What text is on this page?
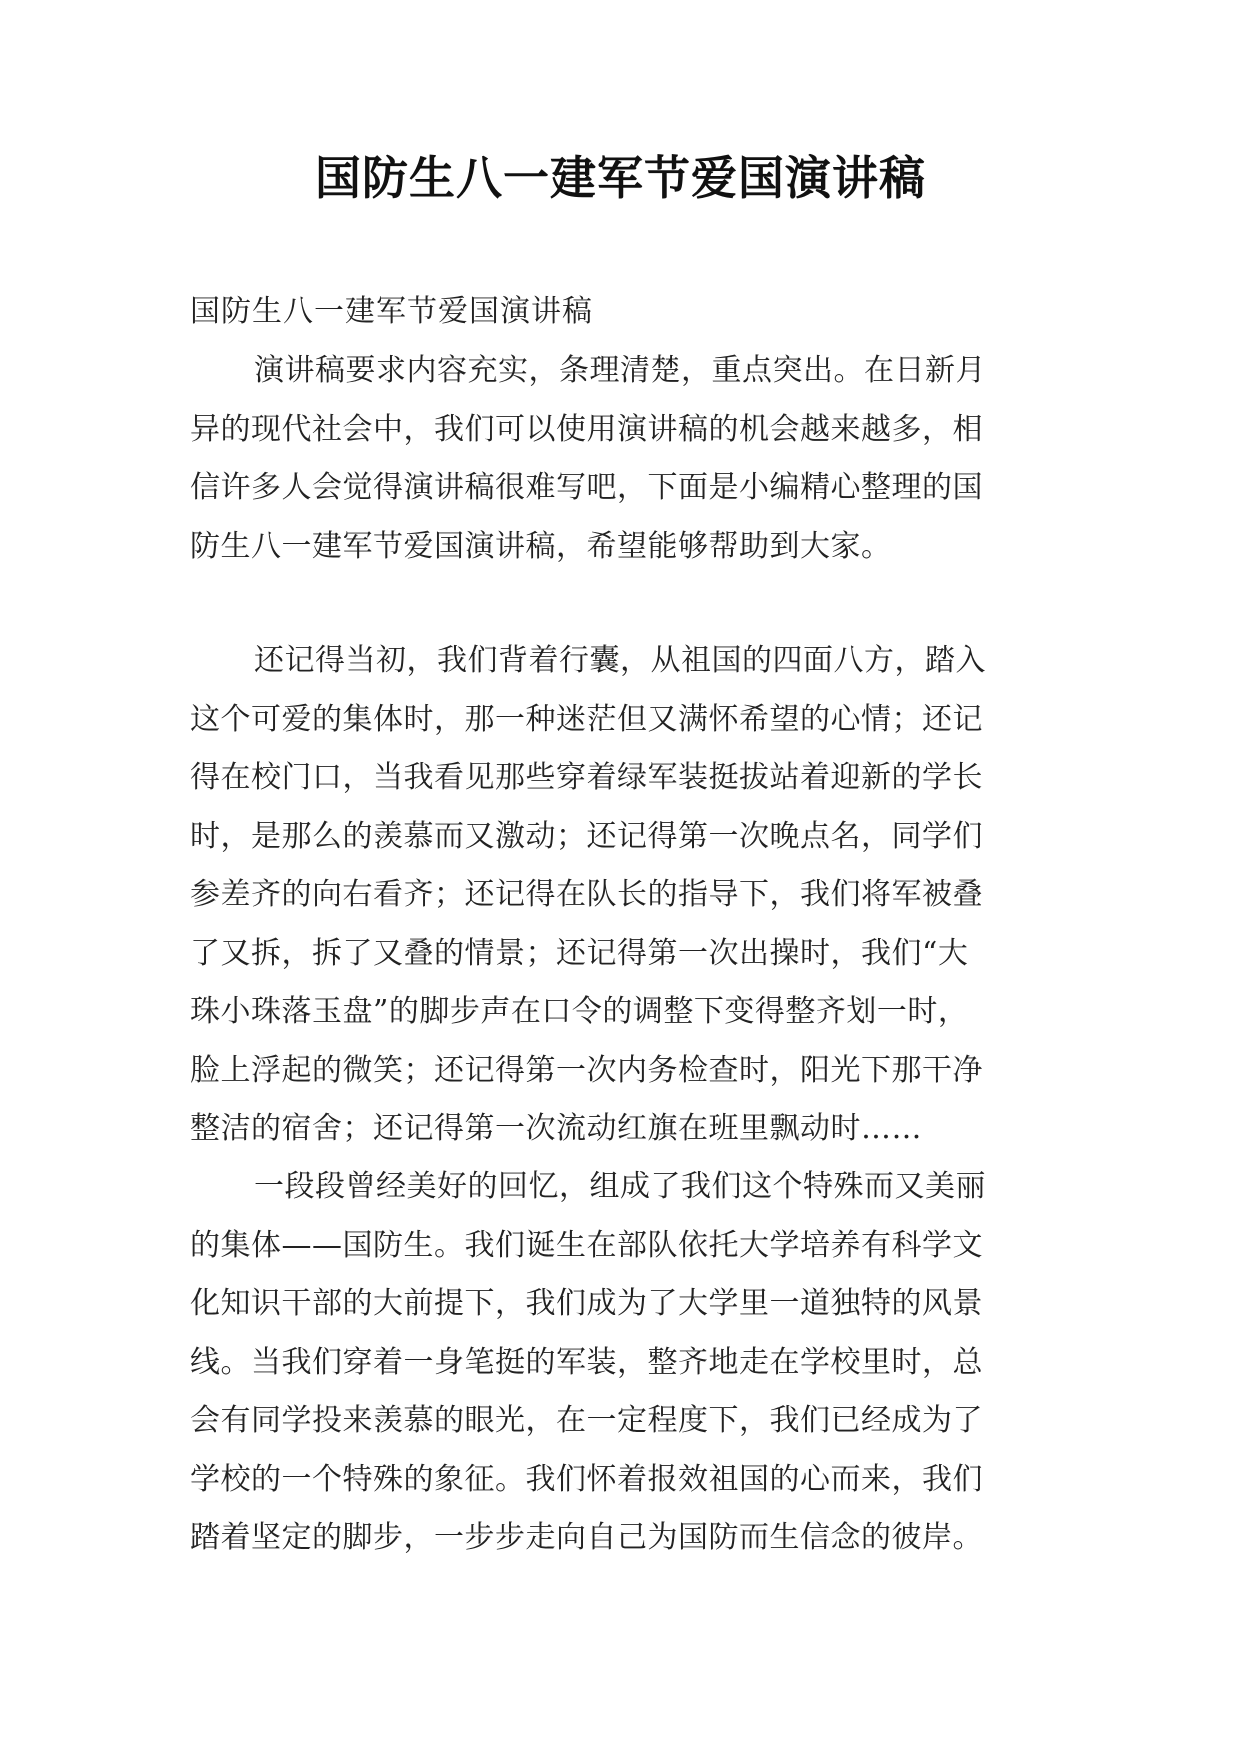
国防生八一建军节爱国演讲稿
国防生八一建军节爱国演讲稿
演讲稿要求内容充实，条理清楚，重点突出。在日新月
异的现代社会中，我们可以使用演讲稿的机会越来越多，相
信许多人会觉得演讲稿很难写吧，下面是小编精心整理的国
防生八一建军节爱国演讲稿，希望能够帮助到大家。
还记得当初，我们背着行囊，从祖国的四面八方，踏入
这个可爱的集体时，那一种迷茫但又满怀希望的心情；还记
得在校门口，当我看见那些穿着绿军装挺拔站着迎新的学长
时，是那么的羡慕而又激动；还记得第一次晚点名，同学们
参差齐的向右看齐；还记得在队长的指导下，我们将军被叠
了又拆，拆了又叠的情景；还记得第一次出操时，我们“大
珠小珠落玉盘”的脚步声在口令的调整下变得整齐划一时，
脸上浮起的微笑；还记得第一次内务检查时，阳光下那干净
整洁的宿舍；还记得第一次流动红旗在班里飘动时……
一段段曾经美好的回忆，组成了我们这个特殊而又美丽
的集体——国防生。我们诞生在部队依托大学培养有科学文
化知识干部的大前提下，我们成为了大学里一道独特的风景
线。当我们穿着一身笔挺的军装，整齐地走在学校里时，总
会有同学投来羡慕的眼光，在一定程度下，我们已经成为了
学校的一个特殊的象征。我们怀着报效祖国的心而来，我们
踏着坚定的脚步，一步步走向自己为国防而生信念的彼岸。
